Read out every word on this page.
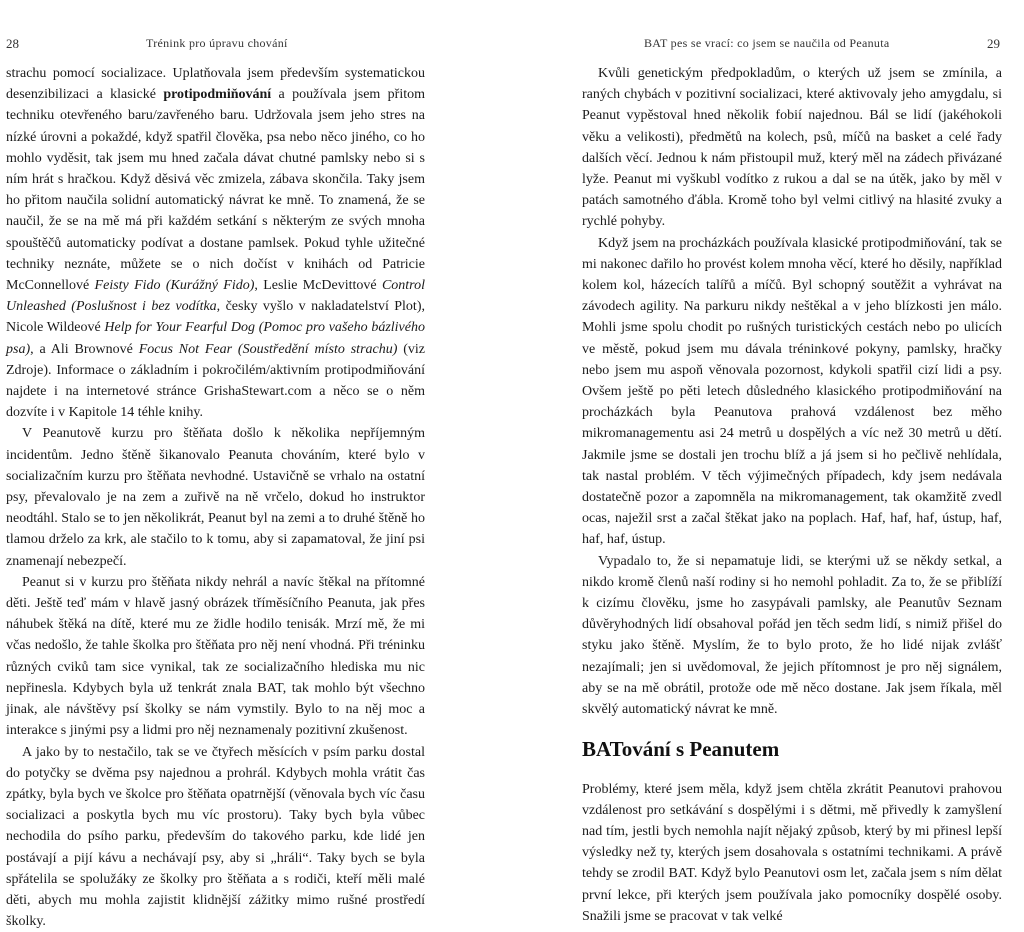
28	Trénink pro úpravu chování

strachu pomocí socializace. Uplatňovala jsem především systematickou desenzibilizaci a klasické protipodmiňování a používala jsem přitom techniku otevřeného baru/zavřeného baru. Udržovala jsem jeho stres na nízké úrovni a pokaždé, když spatřil člověka, psa nebo něco jiného, co ho mohlo vyděsit, tak jsem mu hned začala dávat chutné pamlsky nebo si s ním hrát s hračkou. Když děsivá věc zmizela, zábava skončila. Taky jsem ho přitom naučila solidní automatický návrat ke mně. To znamená, že se naučil, že se na mě má při každém setkání s některým ze svých mnoha spouštěčů automaticky podívat a dostane pamlsek. Pokud tyhle užitečné techniky neznáte, můžete se o nich dočíst v knihách od Patricie McConnellové Feisty Fido (Kurážný Fido), Leslie McDevittové Control Unleashed (Poslušnost i bez vodítka, česky vyšlo v nakladatelství Plot), Nicole Wildeové Help for Your Fearful Dog (Pomoc pro vašeho bázlivého psa), a Ali Brownové Focus Not Fear (Soustředění místo strachu) (viz Zdroje). Informace o základním i pokročilém/aktivním protipodmiňování najdete i na internetové stránce GrishaStewart.com a něco se o něm dozvíte i v Kapitole 14 téhle knihy.

V Peanutově kurzu pro štěňata došlo k několika nepříjemným incidentům. Jedno štěně šikanovalo Peanuta chováním, které bylo v socializačním kurzu pro štěňata nevhodné. Ustavičně se vrhalo na ostatní psy, převalovalo je na zem a zuřivě na ně vrčelo, dokud ho instruktor neodtáhl. Stalo se to jen několikrát, Peanut byl na zemi a to druhé štěně ho tlamou drželo za krk, ale stačilo to k tomu, aby si zapamatoval, že jiní psi znamenají nebezpečí.

Peanut si v kurzu pro štěňata nikdy nehrál a navíc štěkal na přítomné děti. Ještě teď mám v hlavě jasný obrázek tříměsíčního Peanuta, jak přes náhubek štěká na dítě, které mu ze židle hodilo tenisák. Mrzí mě, že mi včas nedošlo, že tahle školka pro štěňata pro něj není vhodná. Při tréninku různých cviků tam sice vynikal, tak ze socializačního hlediska mu nic nepřinesla. Kdybych byla už tenkrát znala BAT, tak mohlo být všechno jinak, ale návštěvy psí školky se nám vymstily. Bylo to na něj moc a interakce s jinými psy a lidmi pro něj neznamenaly pozitivní zkušenost.

A jako by to nestačilo, tak se ve čtyřech měsících v psím parku dostal do potyčky se dvěma psy najednou a prohrál. Kdybych mohla vrátit čas zpátky, byla bych ve školce pro štěňata opatrnější (věnovala bych víc času socializaci a poskytla bych mu víc prostoru). Taky bych byla vůbec nechodila do psího parku, především do takového parku, kde lidé jen postávají a pijí kávu a nechávají psy, aby si „hráli“. Taky bych se byla spřátelila se spolužáky ze školky pro štěňata a s rodiči, kteří měli malé děti, abych mu mohla zajistit klidnější zážitky mimo rušné prostředí školky.

BAT pes se vrací: co jsem se naučila od Peanuta	29

Kvůli genetickým předpokladům, o kterých už jsem se zmínila, a raných chybách v pozitivní socializaci, které aktivovaly jeho amygdalu, si Peanut vypěstoval hned několik fobií najednou. Bál se lidí (jakéhokoli věku a velikosti), předmětů na kolech, psů, míčů na basket a celé řady dalších věcí. Jednou k nám přistoupil muž, který měl na zádech přivázané lyže. Peanut mi vyškubl vodítko z rukou a dal se na útěk, jako by měl v patách samotného ďábla. Kromě toho byl velmi citlivý na hlasité zvuky a rychlé pohyby.

Když jsem na procházkách používala klasické protipodmiňování, tak se mi nakonec dařilo ho provést kolem mnoha věcí, které ho děsily, například kolem kol, házecích talířů a míčů. Byl schopný soutěžit a vyhrávat na závodech agility. Na parkuru nikdy neštěkal a v jeho blízkosti jen málo. Mohli jsme spolu chodit po rušných turistických cestách nebo po ulicích ve městě, pokud jsem mu dávala tréninkové pokyny, pamlsky, hračky nebo jsem mu aspoň věnovala pozornost, kdykoli spatřil cizí lidi a psy. Ovšem ještě po pěti letech důsledného klasického protipodmiňování na procházkách byla Peanutova prahová vzdálenost bez měho mikromanagementu asi 24 metrů u dospělých a víc než 30 metrů u dětí. Jakmile jsme se dostali jen trochu blíž a já jsem si ho pečlivě nehlídala, tak nastal problém. V těch výjimečných případech, kdy jsem nedávala dostatečně pozor a zapomněla na mikromanagement, tak okamžitě zvedl ocas, naježil srst a začal štěkat jako na poplach. Haf, haf, haf, ústup, haf, haf, haf, ústup.

Vypadalo to, že si nepamatuje lidi, se kterými už se někdy setkal, a nikdo kromě členů naší rodiny si ho nemohl pohladit. Za to, že se přiblíží k cizímu člověku, jsme ho zasypávali pamlsky, ale Peanutův Seznam důvěryhodných lidí obsahoval pořád jen těch sedm lidí, s nimiž přišel do styku jako štěně. Myslím, že to bylo proto, že ho lidé nijak zvlášť nezajímali; jen si uvědomoval, že jejich přítomnost je pro něj signálem, aby se na mě obrátil, protože ode mě něco dostane. Jak jsem říkala, měl skvělý automatický návrat ke mně.

BATování s Peanutem

Problémy, které jsem měla, když jsem chtěla zkrátit Peanutovi prahovou vzdálenost pro setkávání s dospělými i s dětmi, mě přivedly k zamyšlení nad tím, jestli bych nemohla najít nějaký způsob, který by mi přinesl lepší výsledky než ty, kterých jsem dosahovala s ostatními technikami. A právě tehdy se zrodil BAT. Když bylo Peanutovi osm let, začala jsem s ním dělat první lekce, při kterých jsem používala jako pomocníky dospělé osoby. Snažili jsme se pracovat v tak velké
